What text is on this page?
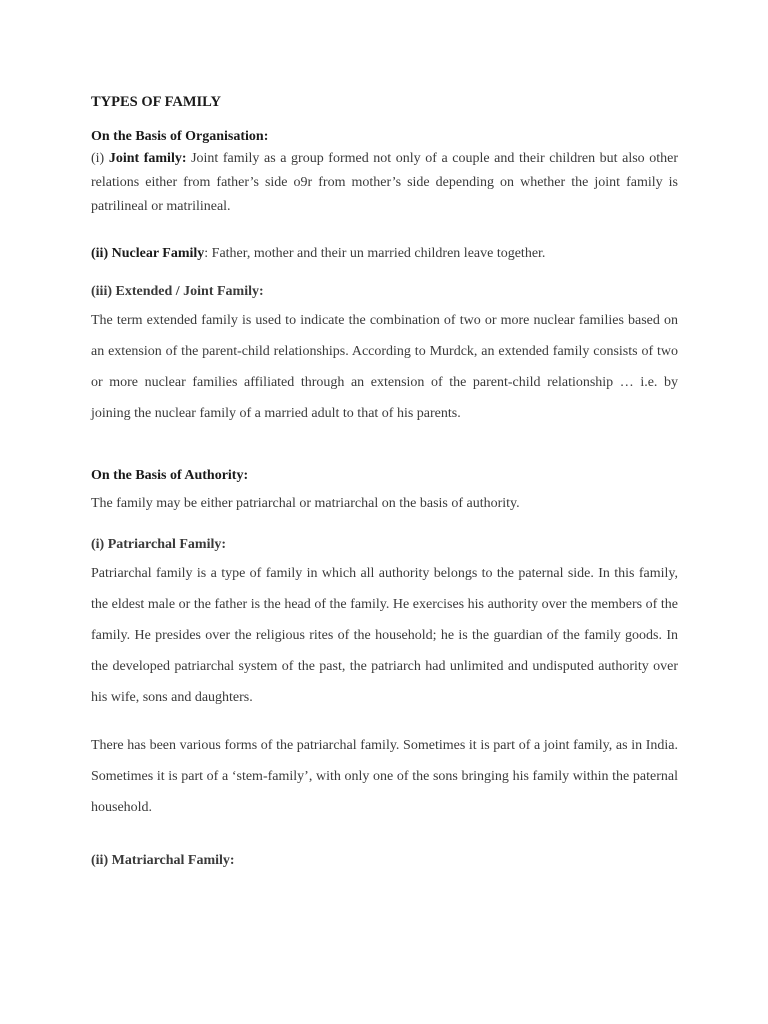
TYPES OF FAMILY
On the Basis of Organisation:

(i) Joint family: Joint family as a group formed not only of a couple and their children but also other relations either from father’s side o9r from mother’s side depending on whether the joint family is patrilineal or matrilineal.

(ii) Nuclear Family: Father, mother and their un married children leave together.

(iii) Extended / Joint Family:

The term extended family is used to indicate the combination of two or more nuclear families based on an extension of the parent-child relationships. According to Murdck, an extended family consists of two or more nuclear families affiliated through an extension of the parent-child relationship … i.e. by joining the nuclear family of a married adult to that of his parents.

On the Basis of Authority:

The family may be either patriarchal or matriarchal on the basis of authority.

(i) Patriarchal Family:

Patriarchal family is a type of family in which all authority belongs to the paternal side. In this family, the eldest male or the father is the head of the family. He exercises his authority over the members of the family. He presides over the religious rites of the household; he is the guardian of the family goods. In the developed patriarchal system of the past, the patriarch had unlimited and undisputed authority over his wife, sons and daughters.

There has been various forms of the patriarchal family. Sometimes it is part of a joint family, as in India. Sometimes it is part of a ‘stem-family’, with only one of the sons bringing his family within the paternal household.

(ii) Matriarchal Family:
